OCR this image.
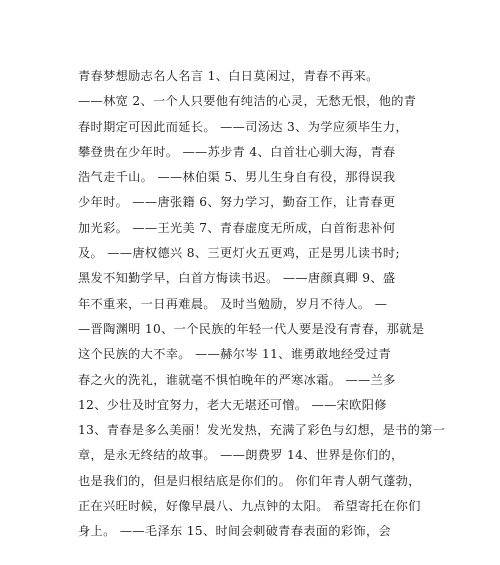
青春梦想励志名人名言 1、白日莫闲过，青春不再来。
——林宽 2、一个人只要他有纯洁的心灵，无愁无恨，他的青
春时期定可因此而延长。 ——司汤达 3、为学应须毕生力，
攀登贵在少年时。 ——苏步青 4、白首壮心驯大海，青春
浩气走千山。 ——林伯渠 5、男儿生身自有役，那得误我
少年时。 ——唐张籍 6、努力学习，勤奋工作，让青春更
加光彩。 ——王光美 7、青春虚度无所成，白首衔悲补何
及。 ——唐权德兴 8、三更灯火五更鸡，正是男儿读书时;
黑发不知勤学早，白首方悔读书迟。 ——唐颜真卿 9、盛
年不重来，一日再难晨。 及时当勉励，岁月不待人。 —
—晋陶渊明 10、一个民族的年轻一代人要是没有青春，那就是
这个民族的大不幸。 ——赫尔岑 11、谁勇敢地经受过青
春之火的洗礼，谁就毫不惧怕晚年的严寒冰霜。 ——兰多
12、少壮及时宜努力，老大无堪还可憎。 ——宋欧阳修
13、青春是多么美丽！发光发热，充满了彩色与幻想，是书的第一
章，是永无终结的故事。 ——朗费罗 14、世界是你们的，
也是我们的，但是归根结底是你们的。 你们年青人朝气蓬勃，
正在兴旺时候，好像早晨八、九点钟的太阳。 希望寄托在你们
身上。 ——毛泽东 15、时间会刺破青春表面的彩饰，会
